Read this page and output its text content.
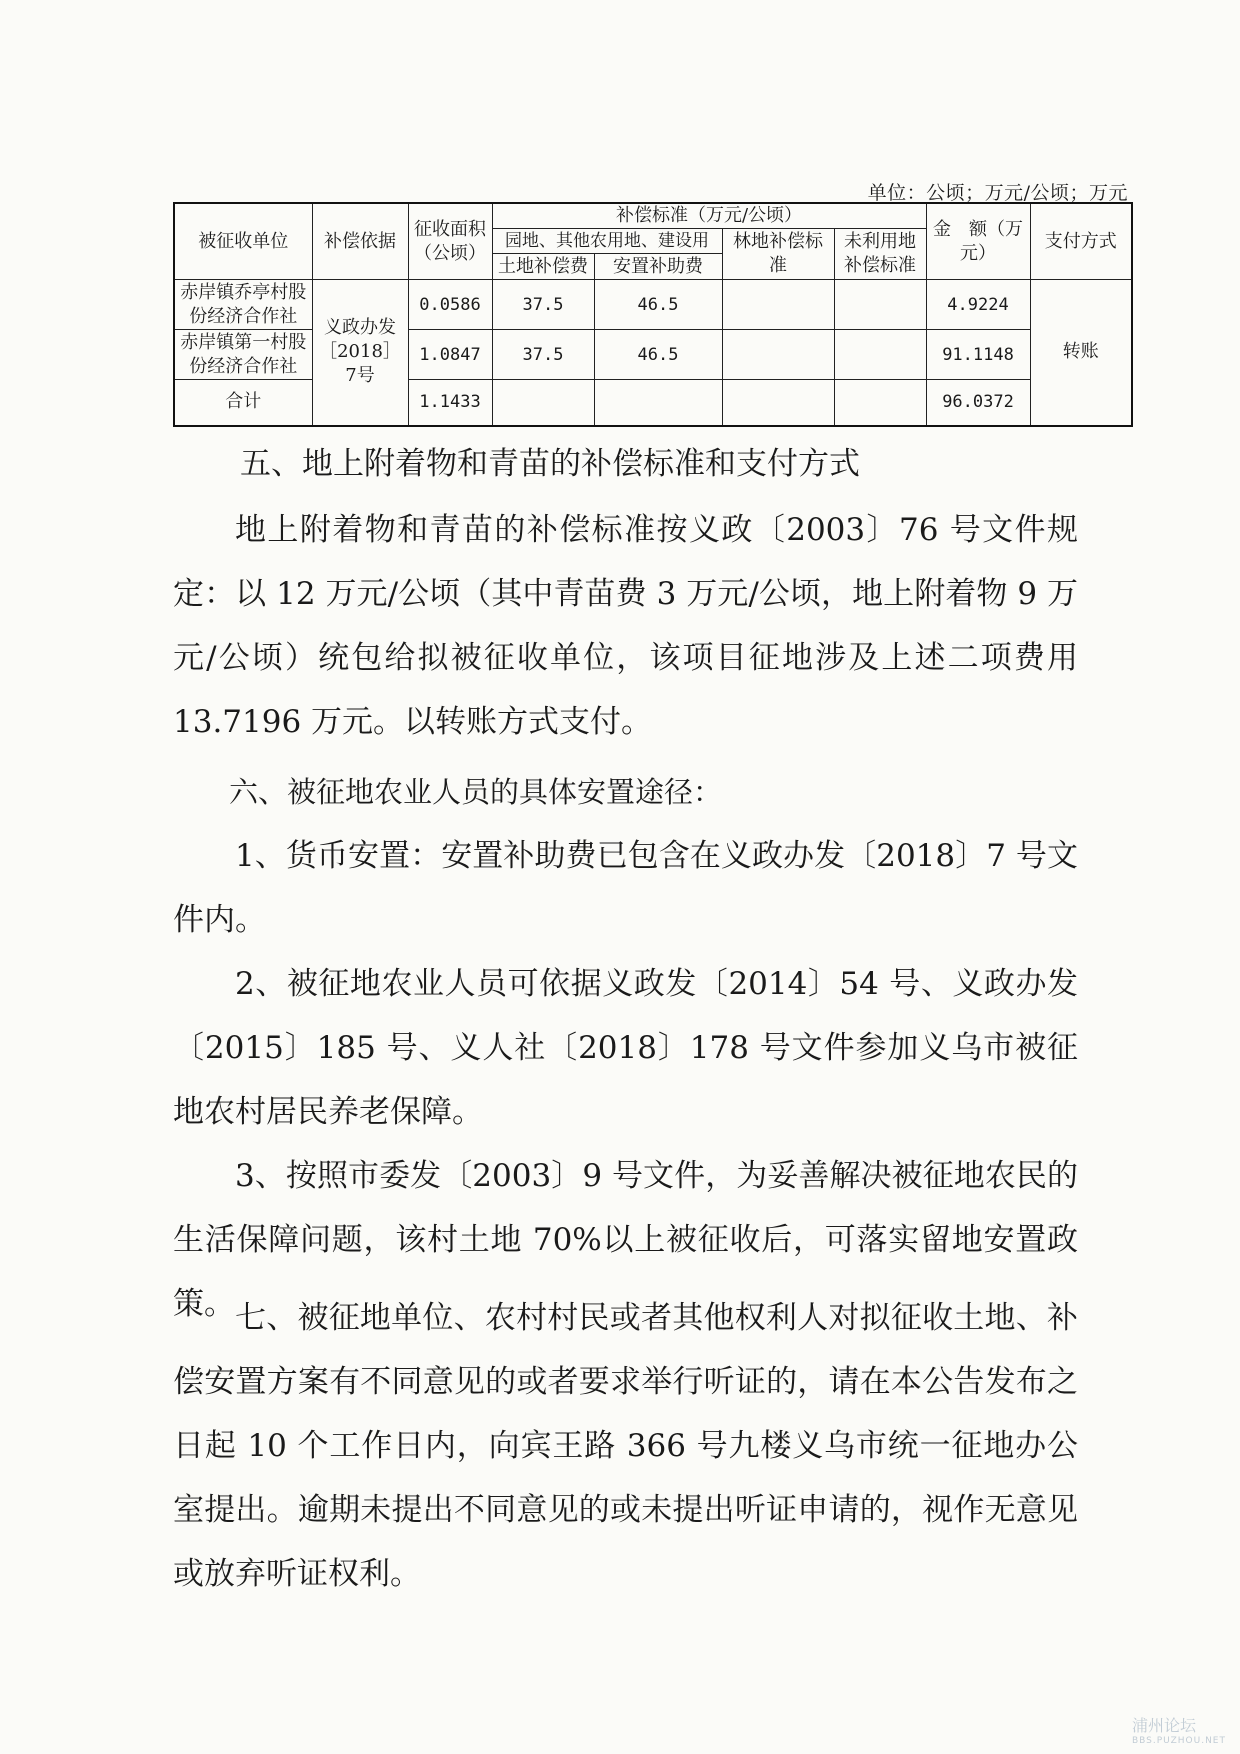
单位：公顷；万元/公顷；万元
被征收单位	补偿依据	征收面积（公顷）	补偿标准（万元/公顷）				金　额（万元）	支付方式
			园地、其他农用地、建设用		林地补偿标准	未利用地补偿标准		
			土地补偿费	安置补助费				
赤岸镇乔亭村股份经济合作社	义政办发［2018］7号	0.0586	37.5	46.5			4.9224	转账
赤岸镇第一村股份经济合作社		1.0847	37.5	46.5			91.1148	
合计		1.1433					96.0372	
五、地上附着物和青苗的补偿标准和支付方式

地上附着物和青苗的补偿标准按义政〔2003〕76 号文件规定：以 12 万元/公顷（其中青苗费 3 万元/公顷，地上附着物 9 万元/公顷）统包给拟被征收单位，该项目征地涉及上述二项费用 13.7196 万元。以转账方式支付。

六、被征地农业人员的具体安置途径：

1、货币安置：安置补助费已包含在义政办发〔2018〕7 号文件内。

2、被征地农业人员可依据义政发〔2014〕54 号、义政办发〔2015〕185 号、义人社〔2018〕178 号文件参加义乌市被征地农村居民养老保障。

3、按照市委发〔2003〕9 号文件，为妥善解决被征地农民的生活保障问题，该村土地 70%以上被征收后，可落实留地安置政策。 七、被征地单位、农村村民或者其他权利人对拟征收土地、补偿安置方案有不同意见的或者要求举行听证的，请在本公告发布之日起 10 个工作日内，向宾王路 366 号九楼义乌市统一征地办公室提出。逾期未提出不同意见的或未提出听证申请的，视作无意见或放弃听证权利。

浦州论坛
BBS.PUZHOU.NET
